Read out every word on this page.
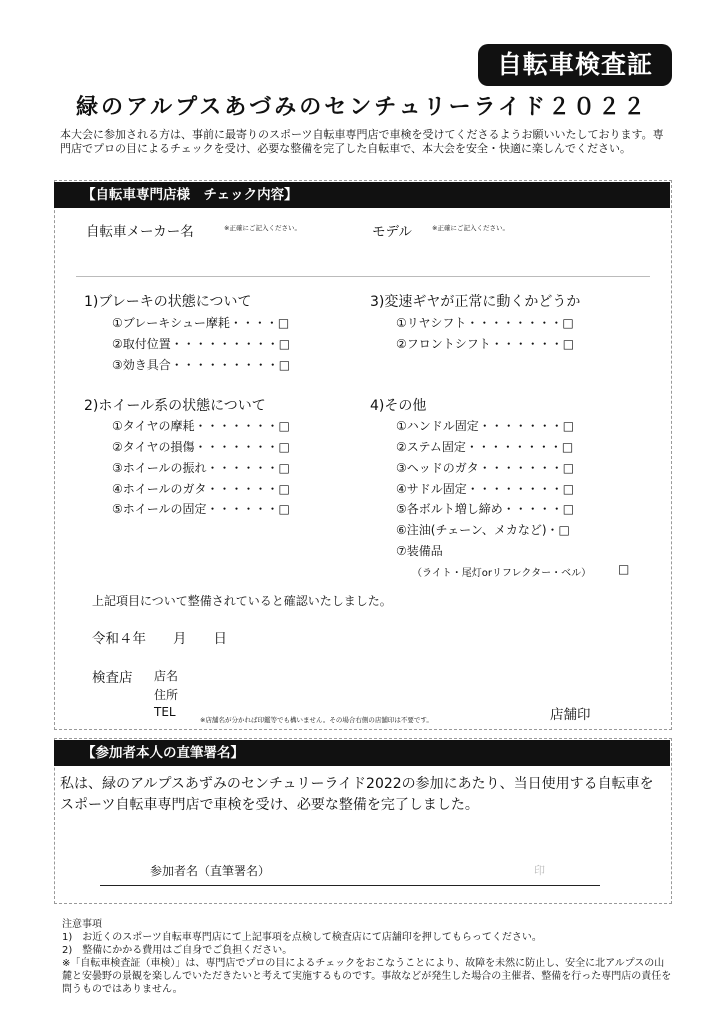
自転車検査証
緑のアルプスあづみのセンチュリーライド２０２２
本大会に参加される方は、事前に最寄りのスポーツ自転車専門店で車検を受けてくださるようお願いいたしております。専門店でプロの目によるチェックを受け、必要な整備を完了した自転車で、本大会を安全・快適に楽しんでください。
【自転車専門店様　チェック内容】
自転車メーカー名	※正確にご記入ください。	モデル	※正確にご記入ください。
1)ブレーキの状態について
①ブレーキシュー摩耗・・・・□
②取付位置・・・・・・・・・□
③効き具合・・・・・・・・・□
2)ホイール系の状態について
①タイヤの摩耗・・・・・・・□
②タイヤの損傷・・・・・・・□
③ホイールの振れ・・・・・・□
④ホイールのガタ・・・・・・□
⑤ホイールの固定・・・・・・□
3)変速ギヤが正常に動くかどうか
①リヤシフト・・・・・・・・□
②フロントシフト・・・・・・□
4)その他
①ハンドル固定・・・・・・・□
②ステム固定・・・・・・・・□
③ヘッドのガタ・・・・・・・□
④サドル固定・・・・・・・・□
⑤各ボルト増し締め・・・・・□
⑥注油(チェーン、メカなど)・□
⑦装備品
（ライト・尾灯orリフレクター・ベル） □
上記項目について整備されていると確認いたしました。
令和４年　　月　　日
検査店 店名
住所
TEL
※店舗名が分かれば印鑑等でも構いません。その場合右側の店舗印は不要です。	店舗印
【参加者本人の直筆署名】
私は、緑のアルプスあずみのセンチュリーライド2022の参加にあたり、当日使用する自転車をスポーツ自転車専門店で車検を受け、必要な整備を完了しました。
参加者名（直筆署名）	印
注意事項
1)　お近くのスポーツ自転車専門店にて上記事項を点検して検査店にて店舗印を押してもらってください。
2)　整備にかかる費用はご自身でご負担ください。
※「自転車検査証（車検）」は、専門店でプロの目によるチェックをおこなうことにより、故障を未然に防止し、安全に北アルプスの山麓と安曇野の景観を楽しんでいただきたいと考えて実施するものです。事故などが発生した場合の主催者、整備を行った専門店の責任を問うものではありません。
